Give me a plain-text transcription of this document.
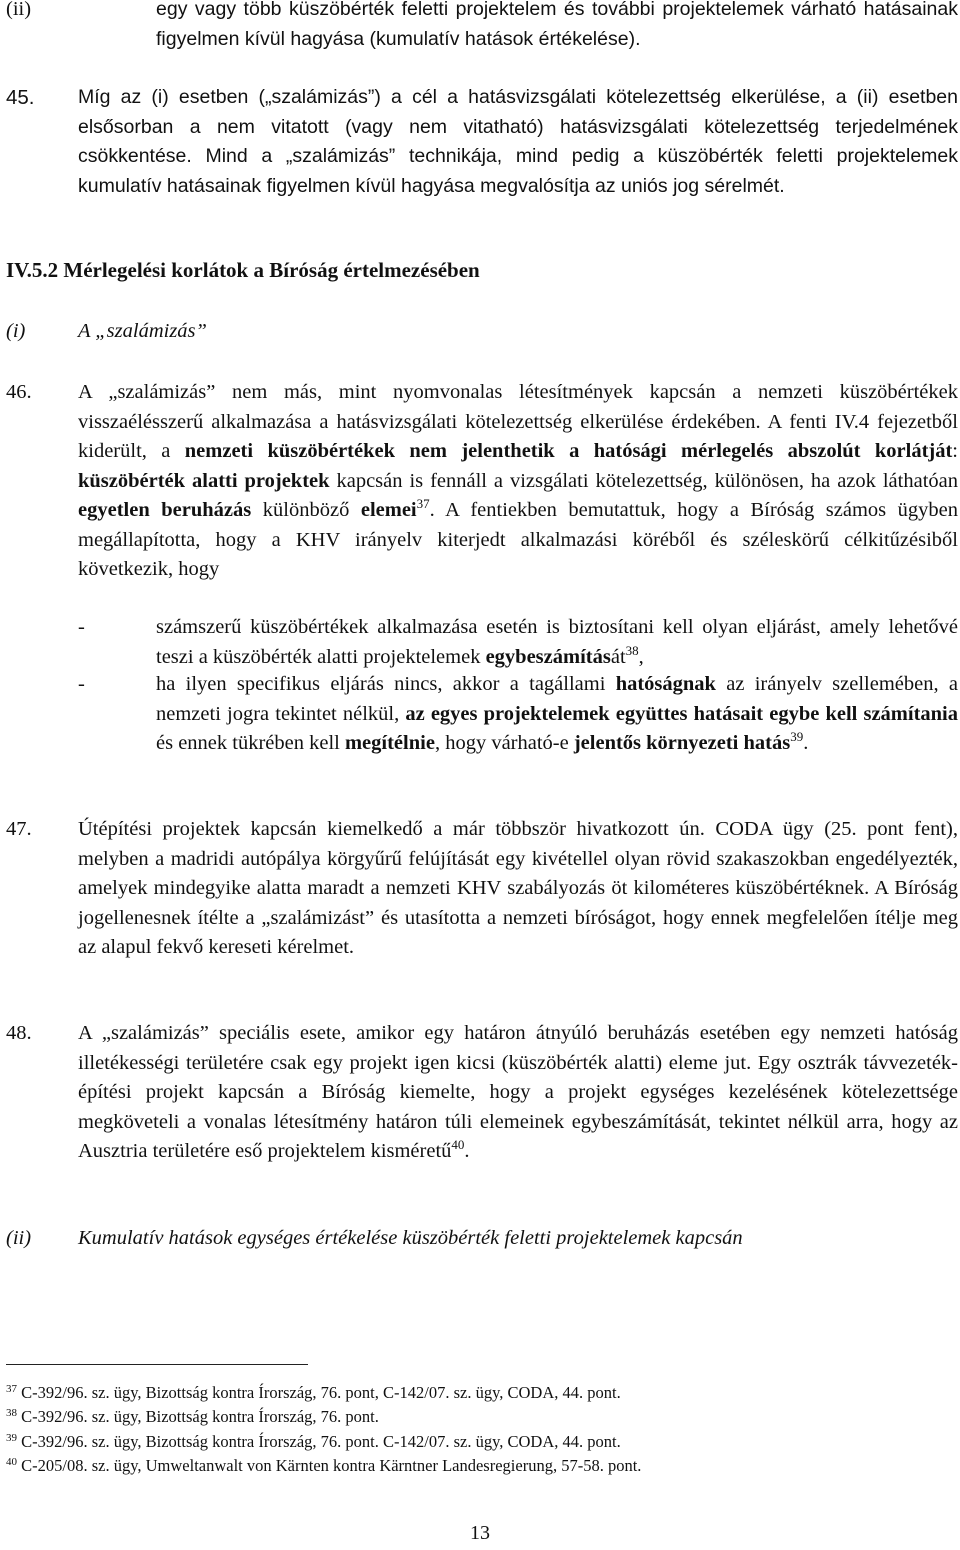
(ii)	egy vagy több küszöbérték feletti projektelem és további projektelemek várható hatásainak figyelmen kívül hagyása (kumulatív hatások értékelése).
45. Míg az (i) esetben („szalámizás”) a cél a hatásvizsgálati kötelezettség elkerülése, a (ii) esetben elsősorban a nem vitatott (vagy nem vitatható) hatásvizsgálati kötelezettség terjedelmének csökkentése. Mind a „szalámizás” technikája, mind pedig a küszöbérték feletti projektelemek kumulatív hatásainak figyelmen kívül hagyása megvalósítja az uniós jog sérelmét.
IV.5.2 Mérlegelési korlátok a Bíróság értelmezésében
(i)	A „szalámizás”
46. A „szalámizás” nem más, mint nyomvonalas létesítmények kapcsán a nemzeti küszöbértékek visszaélésszerű alkalmazása a hatásvizsgálati kötelezettség elkerülése érdekében. A fenti IV.4 fejezetből kiderült, a nemzeti küszöbértékek nem jelenthetik a hatósági mérlegelés abszolút korlátját: küszöbérték alatti projektek kapcsán is fennáll a vizsgálati kötelezettség, különösen, ha azok láthatóan egyetlen beruházás különböző elemei$^{37}$. A fentiekben bemutattuk, hogy a Bíróság számos ügyben megállapította, hogy a KHV irányelv kiterjedt alkalmazási köréből és széleskörű célkitűzésiből következik, hogy
-	számszerű küszöbértékek alkalmazása esetén is biztosítani kell olyan eljárást, amely lehetővé teszi a küszöbérték alatti projektelemek egybeszámítását$^{38}$,
-	ha ilyen specifikus eljárás nincs, akkor a tagállami hatóságnak az irányelv szellemében, a nemzeti jogra tekintet nélkül, az egyes projektelemek együttes hatásait egybe kell számítania és ennek tükrében kell megítélnie, hogy várható-e jelentős környezeti hatás$^{39}$.
47. Útépítési projektek kapcsán kiemelkedő a már többször hivatkozott ún. CODA ügy (25. pont fent), melyben a madridi autópálya körgyűrű felújítását egy kivétellel olyan rövid szakaszokban engedélyezték, amelyek mindegyike alatta maradt a nemzeti KHV szabályozás öt kilométeres küszöbértéknek. A Bíróság jogellenesnek ítélte a „szalámizást” és utasította a nemzeti bíróságot, hogy ennek megfelelően ítélje meg az alapul fekvő kereseti kérelmet.
48. A „szalámizás” speciális esete, amikor egy határon átnyúló beruházás esetében egy nemzeti hatóság illetékességi területére csak egy projekt igen kicsi (küszöbérték alatti) eleme jut. Egy osztrák távvezeték-építési projekt kapcsán a Bíróság kiemelte, hogy a projekt egységes kezelésének kötelezettsége megköveteli a vonalas létesítmény határon túli elemeinek egybeszámítását, tekintet nélkül arra, hogy az Ausztria területére eső projektelem kisméretű$^{40}$.
(ii) Kumulatív hatások egységes értékelése küszöbérték feletti projektelemek kapcsán
$^{37}$ C-392/96. sz. ügy, Bizottság kontra Írország, 76. pont, C-142/07. sz. ügy, CODA, 44. pont.
$^{38}$ C-392/96. sz. ügy, Bizottság kontra Írország, 76. pont.
$^{39}$ C-392/96. sz. ügy, Bizottság kontra Írország, 76. pont. C-142/07. sz. ügy, CODA, 44. pont.
$^{40}$ C-205/08. sz. ügy, Umweltanwalt von Kärnten kontra Kärntner Landesregierung, 57-58. pont.
13
